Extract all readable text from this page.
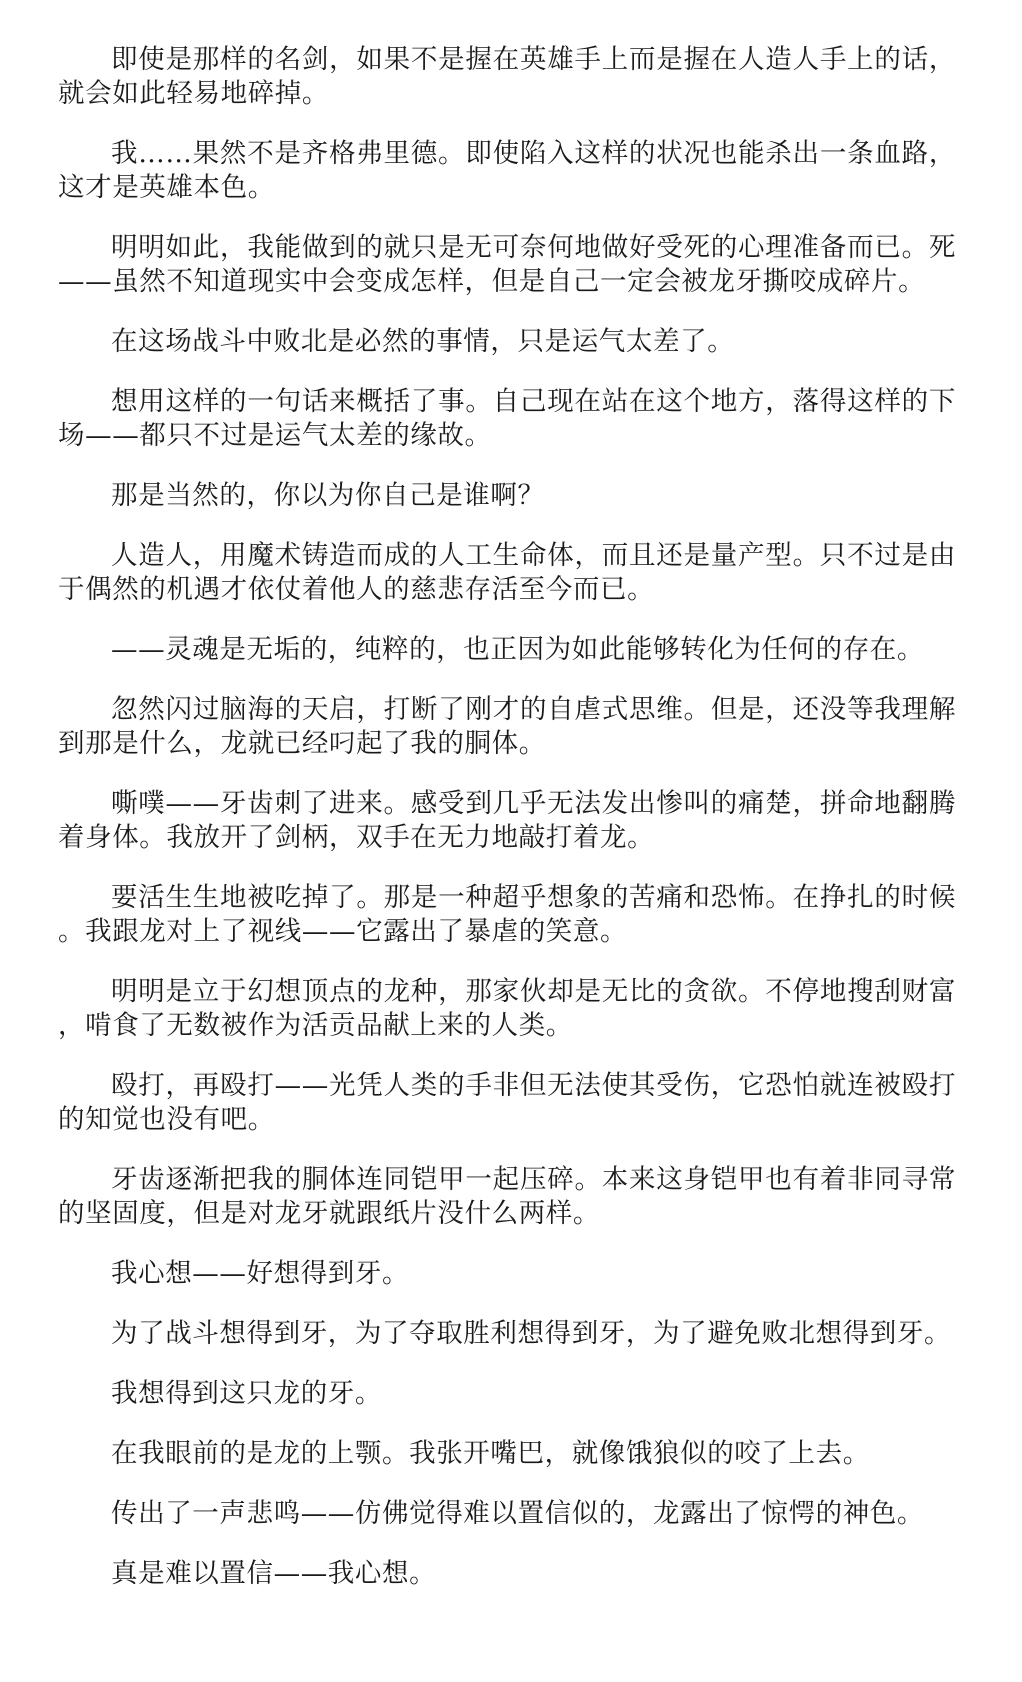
即使是那样的名剑，如果不是握在英雄手上而是握在人造人手上的话，就会如此轻易地碎掉。

我……果然不是齐格弗里德。即使陷入这样的状况也能杀出一条血路，这才是英雄本色。

明明如此，我能做到的就只是无可奈何地做好受死的心理准备而已。死——虽然不知道现实中会变成怎样，但是自己一定会被龙牙撕咬成碎片。

在这场战斗中败北是必然的事情，只是运气太差了。

想用这样的一句话来概括了事。自己现在站在这个地方，落得这样的下场——都只不过是运气太差的缘故。

那是当然的，你以为你自己是谁啊？

人造人，用魔术铸造而成的人工生命体，而且还是量产型。只不过是由于偶然的机遇才依仗着他人的慈悲存活至今而已。

——灵魂是无垢的，纯粹的，也正因为如此能够转化为任何的存在。

忽然闪过脑海的天启，打断了刚才的自虐式思维。但是，还没等我理解到那是什么，龙就已经叼起了我的胴体。

嘶噗——牙齿刺了进来。感受到几乎无法发出惨叫的痛楚，拼命地翻腾着身体。我放开了剑柄，双手在无力地敲打着龙。

要活生生地被吃掉了。那是一种超乎想象的苦痛和恐怖。在挣扎的时候。我跟龙对上了视线——它露出了暴虐的笑意。

明明是立于幻想顶点的龙种，那家伙却是无比的贪欲。不停地搜刮财富，啃食了无数被作为活贡品献上来的人类。

殴打，再殴打——光凭人类的手非但无法使其受伤，它恐怕就连被殴打的知觉也没有吧。

牙齿逐渐把我的胴体连同铠甲一起压碎。本来这身铠甲也有着非同寻常的坚固度，但是对龙牙就跟纸片没什么两样。

我心想——好想得到牙。

为了战斗想得到牙，为了夺取胜利想得到牙，为了避免败北想得到牙。

我想得到这只龙的牙。

在我眼前的是龙的上颚。我张开嘴巴，就像饿狼似的咬了上去。

传出了一声悲鸣——仿佛觉得难以置信似的，龙露出了惊愕的神色。

真是难以置信——我心想。
